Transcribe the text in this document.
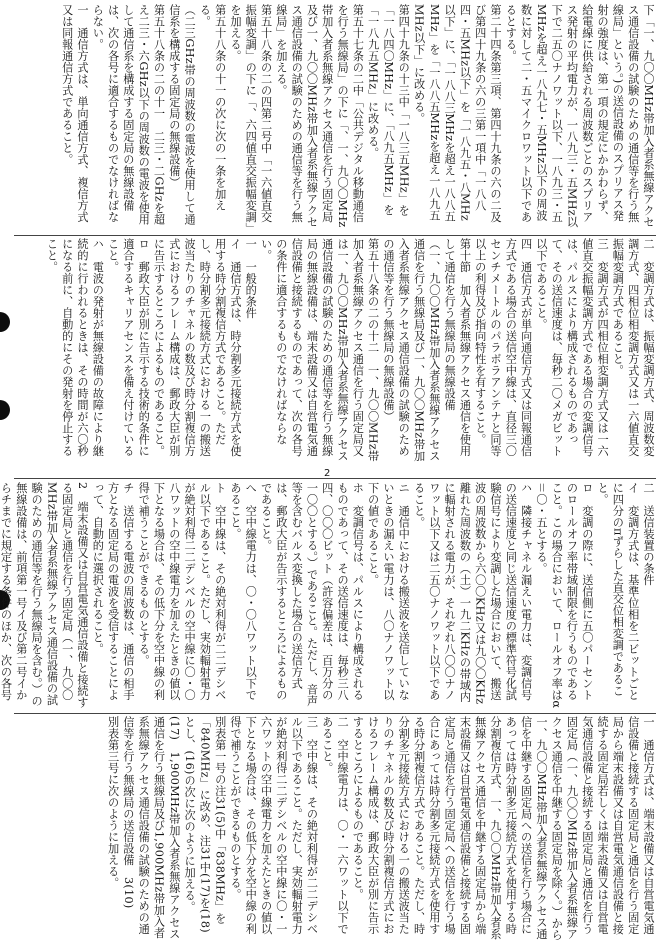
下「一、九〇〇MHz帯加入者系無線アクセス通信設備の試験のための通信等を行う無線局」という。)の送信設備のスプリアス発射の強度は、第一項の規定にかかわらず、給電線に供給される周波数ごとのスプリアス発射の平均電力が、一八九三・五MHz以下で二五〇ナノワット以下、一八九三・五MHzを超え一八九七・五MHz以下の周波数に対して二・五マイクロワット以下であるとする。
第二十四条第三項、第四十九条の六の二及び第四十九条の六の三第一項中「一八八四・五MHz以下」を「一八九五・八MHz以下」に、「一八八三MHzを超え一八八五MHz」を「一八八五MHzを超え一八九五MHz以下」に改める。
第四十九条の十三中「一八三五MHz」を「一八四〇MHz」に、「八九五MHz」を「一八九五MHz」に改める。
第五十七条の二中「公共デジタル移動通信を行う無線局」の下に「、一、九〇〇MHz帯加入者系無線アクセス通信を行う固定局及び一、九〇〇MHz帯加入者系無線アクセス通信設備の試験のための通信等を行う無線局」を加える。
第五十八条の二の四第二号中「一六値直交振幅変調」の下に「、六四値直交振幅変調」を加える。
第五十八条の十一の次に次の一条を加える。
（二三GHz帯の周波数の電波を使用して通信系を構成する固定局の無線設備）
第五十八条の二の十一　二三・二GHzを超え二三・六GHz以下の周波数の電波を使用して通信系を構成する固定局の無線設備は、次の各号に適合するものでなければならない。
一　通信方式は、単向通信方式、複信方式又は同報通信方式であること。
二　変調方式は、振幅変調方式、周波数変調方式、四相位相変調方式又は一六値直交振幅変調方式であること。
三　変調方式が四相位相変調方式又は一六値直交振幅変調方式である場合の変調信号は、パルスにより構成されるものであって、その送信速度は、毎秒二〇メガビット以下であること。
四　通信方式が単向通信方式又は同報通信方式である場合の送信空中線は、直径三〇センチメートルのパラボラアンテナと同等以上の利得及び指向特性を有すること。
第十節　加入者系無線アクセス通信を使用して通信を行う無線局の無線設備
（一、九〇〇MHz帯加入者系無線アクセス通信を行う無線局及び一、九〇〇MHz帯加入者系無線アクセス通信設備の試験のための通信等を行う無線局の無線設備）
第五十八条の二の十二　一、九〇〇MHz帯加入者系無線アクセス通信を行う固定局又は一、九〇〇MHz帯加入者系無線アクセス通信設備の試験のための通信等を行う無線局の無線設備は、端末設備又は自営電気通信設備と接続するものであって、次の各号の条件に適合するものでなければならない。
一　一般的条件
イ　通信方式は、時分割多元接続方式を使用する時分割複信方式であること。ただし、時分割多元接続方式における一の搬送波当たりのチャネルの数及び時分割複信方式におけるフレーム構成は、郵政大臣が別に告示するところによるものであること。
ロ　郵政大臣が別に告示する技術的条件に適合するキャリアセンスを備え付けていること。
ハ　電波の発射が無線設備の故障により継続的に行われるときは、その時間が六〇秒になる前に、自動的にその発射を停止すること。
2
二　送信装置の条件
イ　変調方式は、基準位相を二ビットごとに四分のπずらした直交位相変調であること。
ロ　変調の際に、送信側に五〇パーセントのロールオフ率帯域制限を行うものであること。この場合において、ロールオフ率はα＝〇・五とする。
ハ　隣接チャネル漏えい電力は、変調信号の送信速度と同じ送信速度の標準符号化試験信号により変調した場合において、搬送波の周波数から六〇〇KHz又は九〇〇KHz離れた周波数の（土）一九二KHzの帯域内に輻射される電力が、それぞれ八〇〇ナノワット以下又は二五〇ナノワット以下であること。
ニ　通信中における搬送波を送信していないときの漏えい電力は、八〇ナノワット以下の値であること。
ホ　変調信号は、パルスにより構成されるものであって、その送信速度は、毎秒三八四、〇〇〇ビット（許容偏差は、百万分の一〇〇とする。）であること。ただし、音声等を含むバルス変換した場合の送信方式は、郵政大臣が告示するところによるものであること。
へ　空中線電力は、〇・〇八ワット以下であること。
ト　空中線は、その絶対利得が二二デシベル以下であること。ただし、実効輻射電力が絶対利得二二デシベルの空中線に〇・〇八ワットの空中線電力を加えたときの値以下となる場合は、その低下分を空中線の利得で補うことができるものとする。
チ　送信する電波の周波数は、通信の相手方となる固定局の電波を受信することによって、自動的に選択されること。
2　端末設備又は自営電気通信設備と接続する固定局と通信を行う固定局（一、九〇〇MHz帯加入者系無線アクセス通信設備の試験のための通信等を行う無線局を含む。）の無線設備は、前項第一号イ及び第二号イからチまでに規定する条件のほか、次の各号
一　通信方式は、端末設備又は自営電気通信設備と接続する固定局と通信を行う固定局から端末設備又は自営電気通信設備と接続する固定局若しくは端末設備又は自営電気通信設備と接続する固定局と通信を行う固定局（一、九〇〇MHz帯加入者系無線アクセス通信を中継する固定局を除く。）から一、九〇〇MHz帯加入者系無線アクセス通信を中継する固定局への送信を行う場合にあっては時分割多元接続方式を使用する時分割複信方式、一、九〇〇MHz帯加入者系無線アクセス通信を中継する固定局から端末設備又は自営電気通信設備と接続する固定局と通信を行う固定局への送信を行う場合にあっては時分割多元接続方式を使用する時分割複信方式であること。ただし、時分割多元接続方式における一の搬送波当たりのチャネルの数及び時分割複信方式におけるフレーム構成は、郵政大臣が別に告示するところによるものであること。
二　空中線電力は、〇・一六ワット以下であること。
三　空中線は、その絶対利得が二二デシベル以下であること。ただし、実効輻射電力が絶対利得二二デシベルの空中線に〇・一六ワットの空中線電力を加えたときの値以下となる場合は、その低下分を空中線の利得で補うことができるものとする。
別表第一号の注31(5)中「838MHz」を「840MHz」に改め、注31中(17)を(18)とし、(16)の次に次のように加える。
(17)　1,900MHz帯加入者系無線アクセス通信を行う無線局及び1,900MHz帯加入者系無線アクセス通信設備の試験のための通信等を行う無線局の送信設備　3(10)
別表第三号に次のように加える。
